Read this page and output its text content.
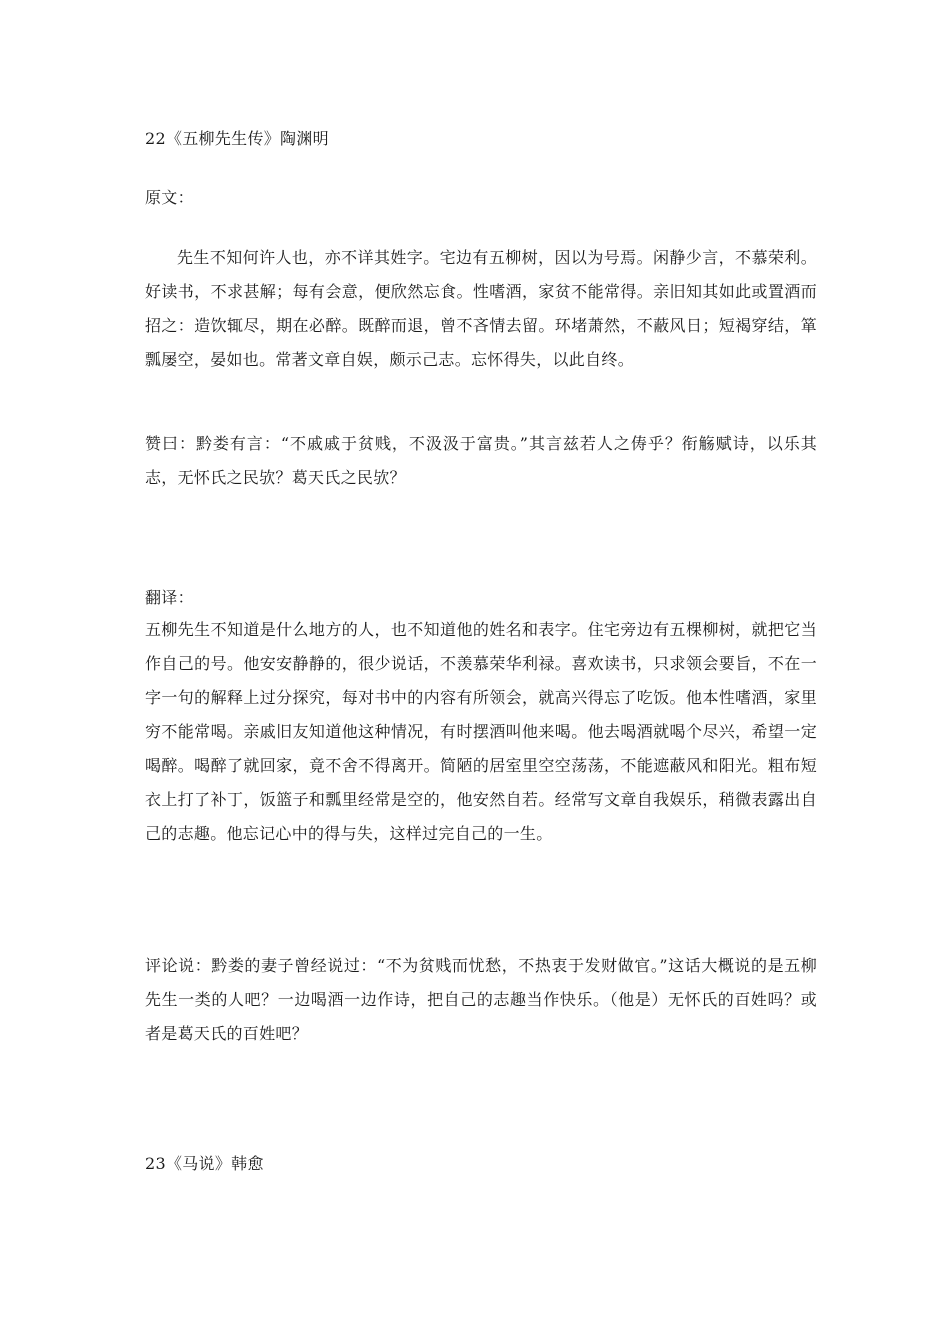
22《五柳先生传》陶渊明
原文：

先生不知何许人也，亦不详其姓字。宅边有五柳树，因以为号焉。闲静少言，不慕荣利。好读书，不求甚解；每有会意，便欣然忘食。性嗜酒，家贫不能常得。亲旧知其如此或置酒而招之：造饮辄尽，期在必醉。既醉而退，曾不吝情去留。环堵萧然，不蔽风日；短褐穿结，箪瓢屡空，晏如也。常著文章自娱，颇示己志。忘怀得失，以此自终。

赞曰：黔娄有言：“不戚戚于贫贱，不汲汲于富贵。”其言兹若人之俦乎？衔觞赋诗，以乐其志，无怀氏之民欤？葛天氏之民欤？

翻译：

五柳先生不知道是什么地方的人，也不知道他的姓名和表字。住宅旁边有五棵柳树，就把它当作自己的号。他安安静静的，很少说话，不羡慕荣华利禄。喜欢读书，只求领会要旨，不在一字一句的解释上过分探究，每对书中的内容有所领会，就高兴得忘了吃饭。他本性嗜酒，家里穷不能常喝。亲戚旧友知道他这种情况，有时摆酒叫他来喝。他去喝酒就喝个尽兴，希望一定喝醉。喝醉了就回家，竟不舍不得离开。简陋的居室里空空荡荡，不能遮蔽风和阳光。粗布短衣上打了补丁，饭篮子和瓢里经常是空的，他安然自若。经常写文章自我娱乐，稍微表露出自己的志趣。他忘记心中的得与失，这样过完自己的一生。

评论说：黔娄的妻子曾经说过：“不为贫贱而忧愁，不热衷于发财做官。”这话大概说的是五柳先生一类的人吧？一边喝酒一边作诗，把自己的志趣当作快乐。（他是）无怀氏的百姓吗？或者是葛天氏的百姓吧？

23《马说》韩愈
